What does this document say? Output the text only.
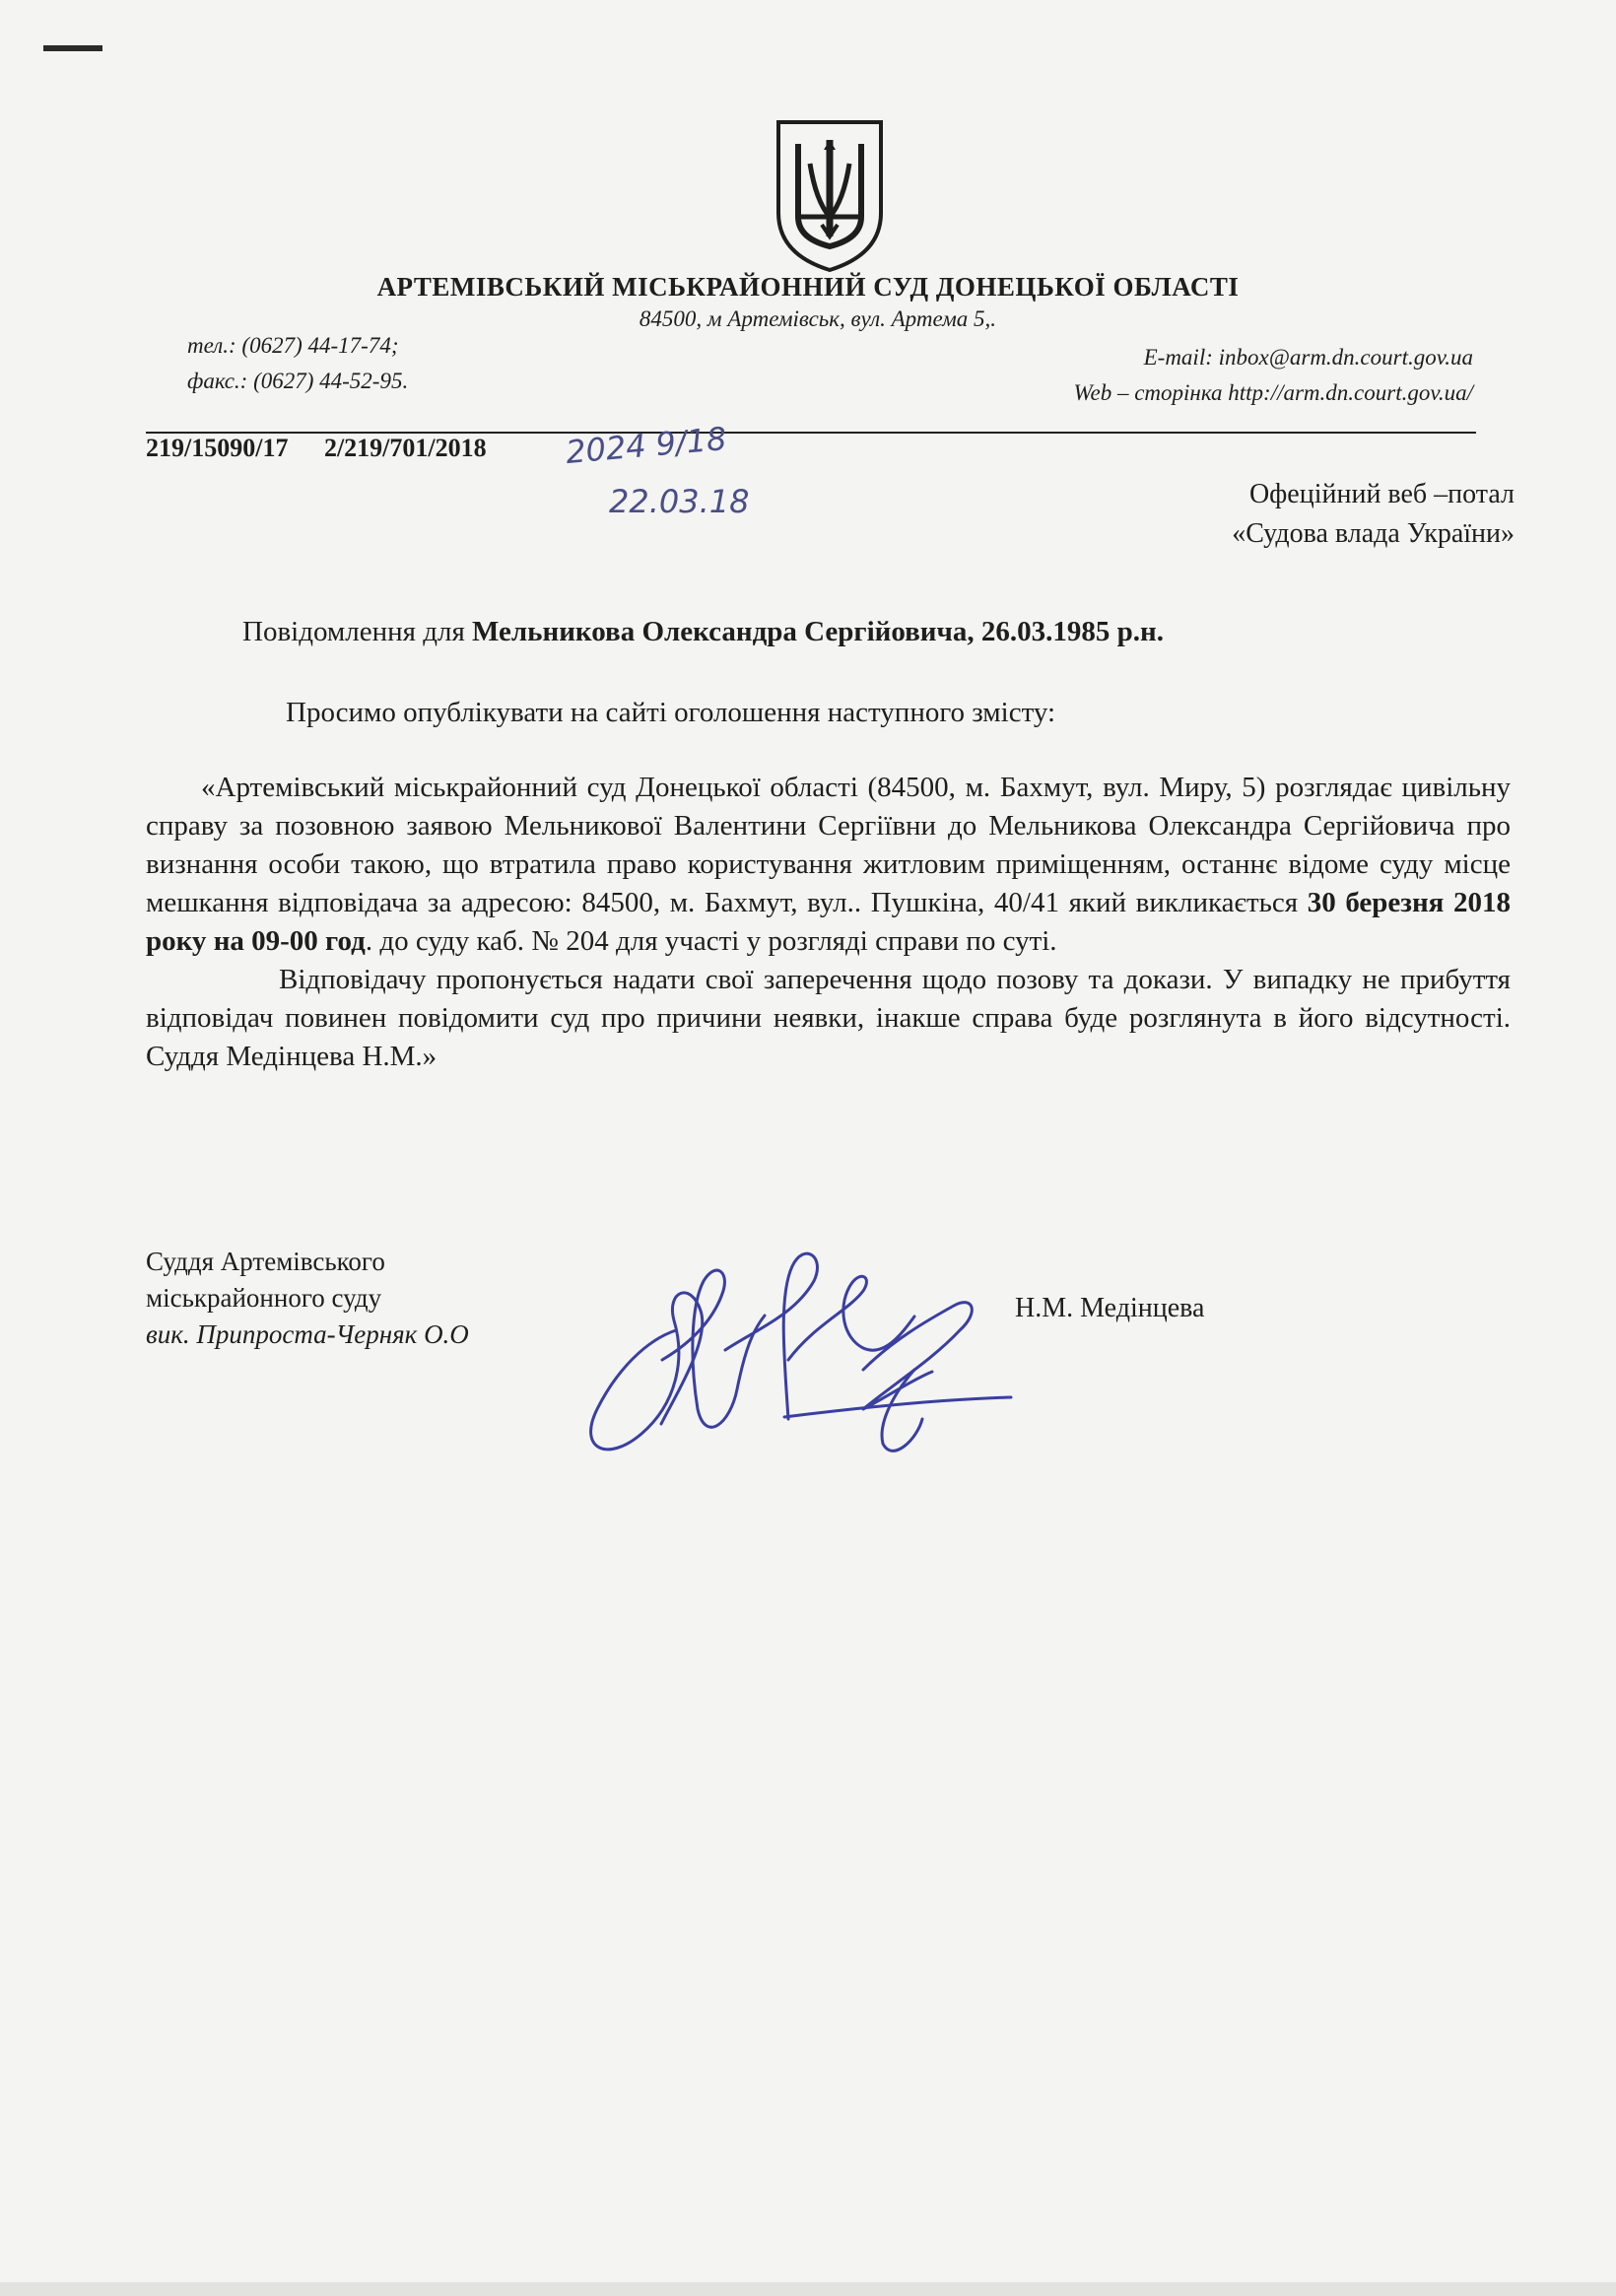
АРТЕМІВСЬКИЙ МІСЬКРАЙОННИЙ СУД ДОНЕЦЬКОЇ ОБЛАСТІ
84500, м Артемівськ, вул. Артема 5,.
тел.: (0627) 44-17-74;
факс.: (0627) 44-52-95.
E-mail: inbox@arm.dn.court.gov.ua
Web – сторінка http://arm.dn.court.gov.ua/
219/15090/17 2/219/701/2018	2024 9/18
22.03.18	Офеційний веб –потал
«Судова влада України»
Повідомлення для Мельникова Олександра Сергійовича, 26.03.1985 р.н.
Просимо опублікувати на сайті оголошення наступного змісту:

«Артемівський міськрайонний суд Донецької області (84500, м. Бахмут, вул. Миру, 5) розглядає цивільну справу за позовною заявою Мельникової Валентини Сергіївни до Мельникова Олександра Сергійовича про визнання особи такою, що втратила право користування житловим приміщенням, останнє відоме суду місце мешкання відповідача за адресою: 84500, м. Бахмут, вул.. Пушкіна, 40/41 який викликається 30 березня 2018 року на 09-00 год. до суду каб. № 204 для участі у розгляді справи по суті.

Відповідачу пропонується надати свої заперечення щодо позову та докази. У випадку не прибуття відповідач повинен повідомити суд про причини неявки, інакше справа буде розглянута в його відсутності. Суддя Медінцева Н.М.»

Суддя Артемівського
міськрайонного суду
вик. Припроста-Черняк О.О
Н.М. Медінцева
